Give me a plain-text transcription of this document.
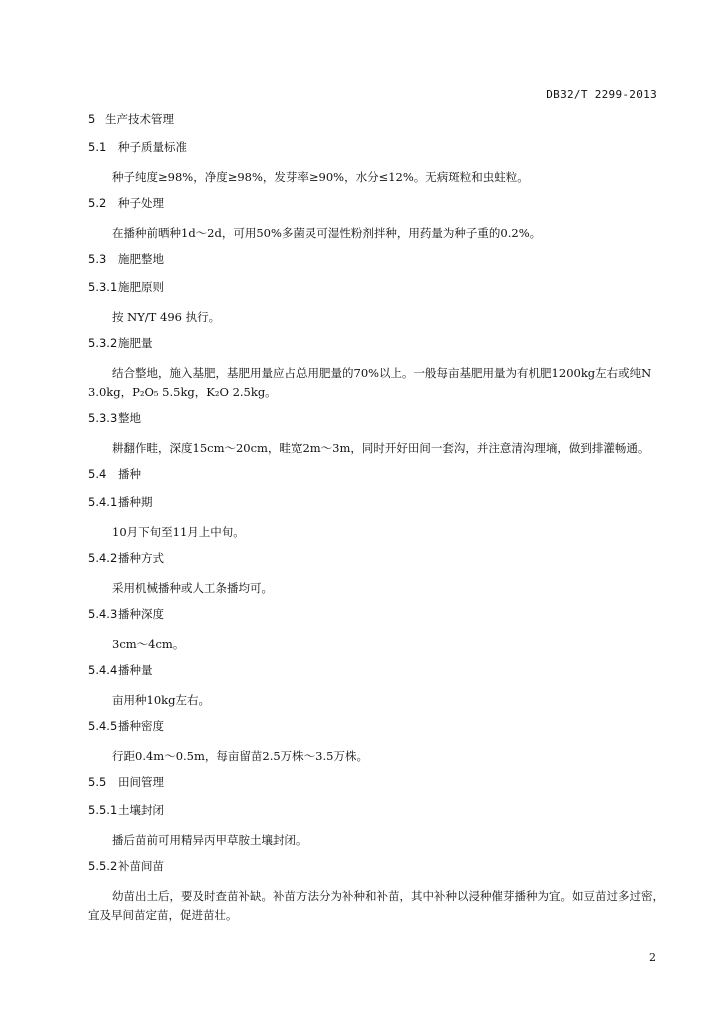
DB32/T 2299-2013
5 生产技术管理
5.1 种子质量标准

种子纯度≥98%，净度≥98%，发芽率≥90%，水分≤12%。无病斑粒和虫蛀粒。

5.2 种子处理

在播种前晒种1d～2d，可用50%多菌灵可湿性粉剂拌种，用药量为种子重的0.2%。

5.3 施肥整地
5.3.1施肥原则

按 NY/T 496 执行。

5.3.2施肥量

结合整地，施入基肥，基肥用量应占总用肥量的70%以上。一般每亩基肥用量为有机肥1200kg左右或纯N 3.0kg，P₂O₅ 5.5kg，K₂O 2.5kg。

5.3.3整地

耕翻作畦，深度15cm～20cm，畦宽2m～3m，同时开好田间一套沟，并注意清沟理墒，做到排灌畅通。

5.4 播种
5.4.1播种期

10月下旬至11月上中旬。

5.4.2播种方式

采用机械播种或人工条播均可。

5.4.3播种深度

3cm～4cm。

5.4.4播种量

亩用种10kg左右。

5.4.5播种密度

行距0.4m～0.5m，每亩留苗2.5万株～3.5万株。

5.5 田间管理
5.5.1土壤封闭

播后苗前可用精异丙甲草胺土壤封闭。

5.5.2补苗间苗

幼苗出土后，要及时查苗补缺。补苗方法分为补种和补苗，其中补种以浸种催芽播种为宜。如豆苗过多过密，宜及早间苗定苗，促进苗壮。

2
